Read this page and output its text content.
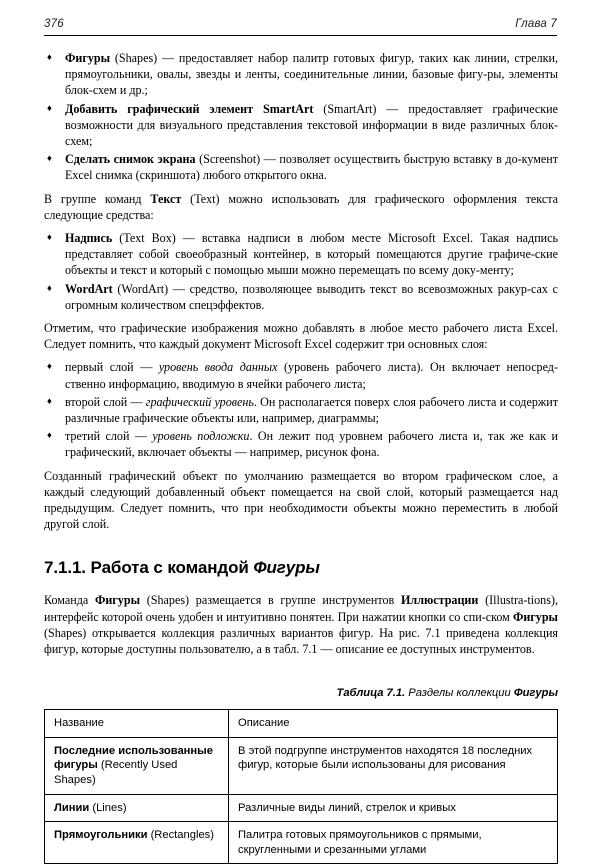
376	Глава 7
♦ Фигуры (Shapes) — предоставляет набор палитр готовых фигур, таких как линии, стрелки, прямоугольники, овалы, звезды и ленты, соединительные линии, базовые фигу-ры, элементы блок-схем и др.;
♦ Добавить графический элемент SmartArt (SmartArt) — предоставляет графические возможности для визуального представления текстовой информации в виде различных блок-схем;
♦ Сделать снимок экрана (Screenshot) — позволяет осуществить быструю вставку в до-кумент Excel снимка (скриншота) любого открытого окна.

В группе команд Текст (Text) можно использовать для графического оформления текста следующие средства:

♦ Надпись (Text Box) — вставка надписи в любом месте Microsoft Excel. Такая надпись представляет собой своеобразный контейнер, в который помещаются другие графиче-ские объекты и текст и который с помощью мыши можно перемещать по всему доку-менту;
♦ WordArt (WordArt) — средство, позволяющее выводить текст во всевозможных ракур-сах с огромным количеством спецэффектов.

Отметим, что графические изображения можно добавлять в любое место рабочего листа Excel. Следует помнить, что каждый документ Microsoft Excel содержит три основных слоя:

♦ первый слой — уровень ввода данных (уровень рабочего листа). Он включает непосред-ственно информацию, вводимую в ячейки рабочего листа;
♦ второй слой — графический уровень. Он располагается поверх слоя рабочего листа и содержит различные графические объекты или, например, диаграммы;
♦ третий слой — уровень подложки. Он лежит под уровнем рабочего листа и, так же как и графический, включает объекты — например, рисунок фона.

Созданный графический объект по умолчанию размещается во втором графическом слое, а каждый следующий добавленный объект помещается на свой слой, который размещается над предыдущим. Следует помнить, что при необходимости объекты можно переместить в любой другой слой.

7.1.1. Работа с командой Фигуры

Команда Фигуры (Shapes) размещается в группе инструментов Иллюстрации (Illustra-tions), интерфейс которой очень удобен и интуитивно понятен. При нажатии кнопки со спи-ском Фигуры (Shapes) открывается коллекция различных вариантов фигур. На рис. 7.1 приведена коллекция фигур, которые доступны пользователю, а в табл. 7.1 — описание ее доступных инструментов.

Таблица 7.1. Разделы коллекции Фигуры
Название	Описание
Последние использованные фигуры (Recently Used Shapes)	В этой подгруппе инструментов находятся 18 последних фигур, которые были использованы для рисования
Линии (Lines)	Различные виды линий, стрелок и кривых
Прямоугольники (Rectangles)	Палитра готовых прямоугольников с прямыми, скругленными и срезанными углами
